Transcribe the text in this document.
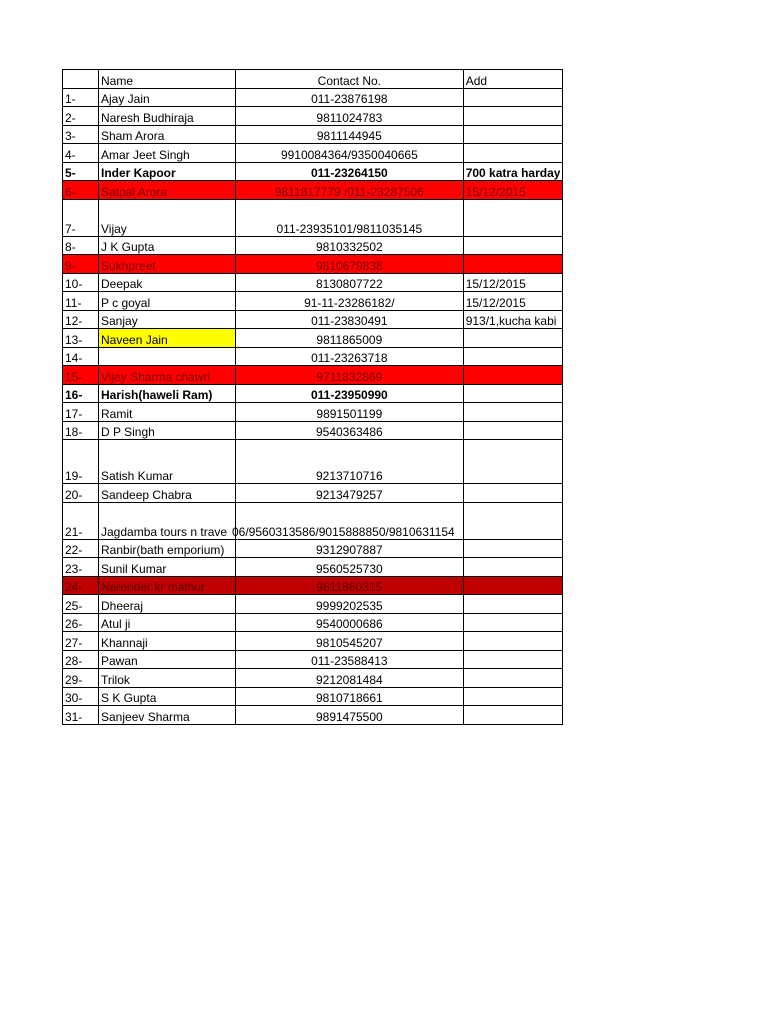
	Name	Contact No.	Add
1-	Ajay Jain	011-23876198	
2-	Naresh Budhiraja	9811024783	
3-	Sham Arora	9811144945	
4-	Amar Jeet Singh	9910084364/9350040665	
5-	Inder Kapoor	011-23264150	700 katra harday

6-	Satpal Arora	9811817779 /011-23287506	15/12/2015
7-	Vijay	011-23935101/9811035145	
8-	J K Gupta	9810332502	
9-	Sukhpreet	9810679838	
10-	Deepak	8130807722	15/12/2015
11-	P c goyal	91-11-23286182/	15/12/2015
12-	Sanjay	011-23830491	913/1,kucha kabi

13-	Naveen Jain	9811865009	
14-		011-23263718	
15-	Vijay Sharma chawri	9711832869	
16-	Harish(haweli Ram)	011-23950990	
17-	Ramit	9891501199	
18-	D P Singh	9540363486	
19-	Satish Kumar	9213710716	
20-	Sandeep Chabra	9213479257	
21-	Jagdamba tours n trave	06/9560313586/9015888850/9810631154	
22-	Ranbir(bath emporium)	9312907887	
23-	Sunil Kumar	9560525730	
24-	Narender kr mathur	9811860315	
25-	Dheeraj	9999202535	
26-	Atul ji	9540000686	
27-	Khannaji	9810545207	
28-	Pawan	011-23588413	
29-	Trilok	9212081484	
30-	S K Gupta	9810718661	
31-	Sanjeev Sharma	9891475500	
